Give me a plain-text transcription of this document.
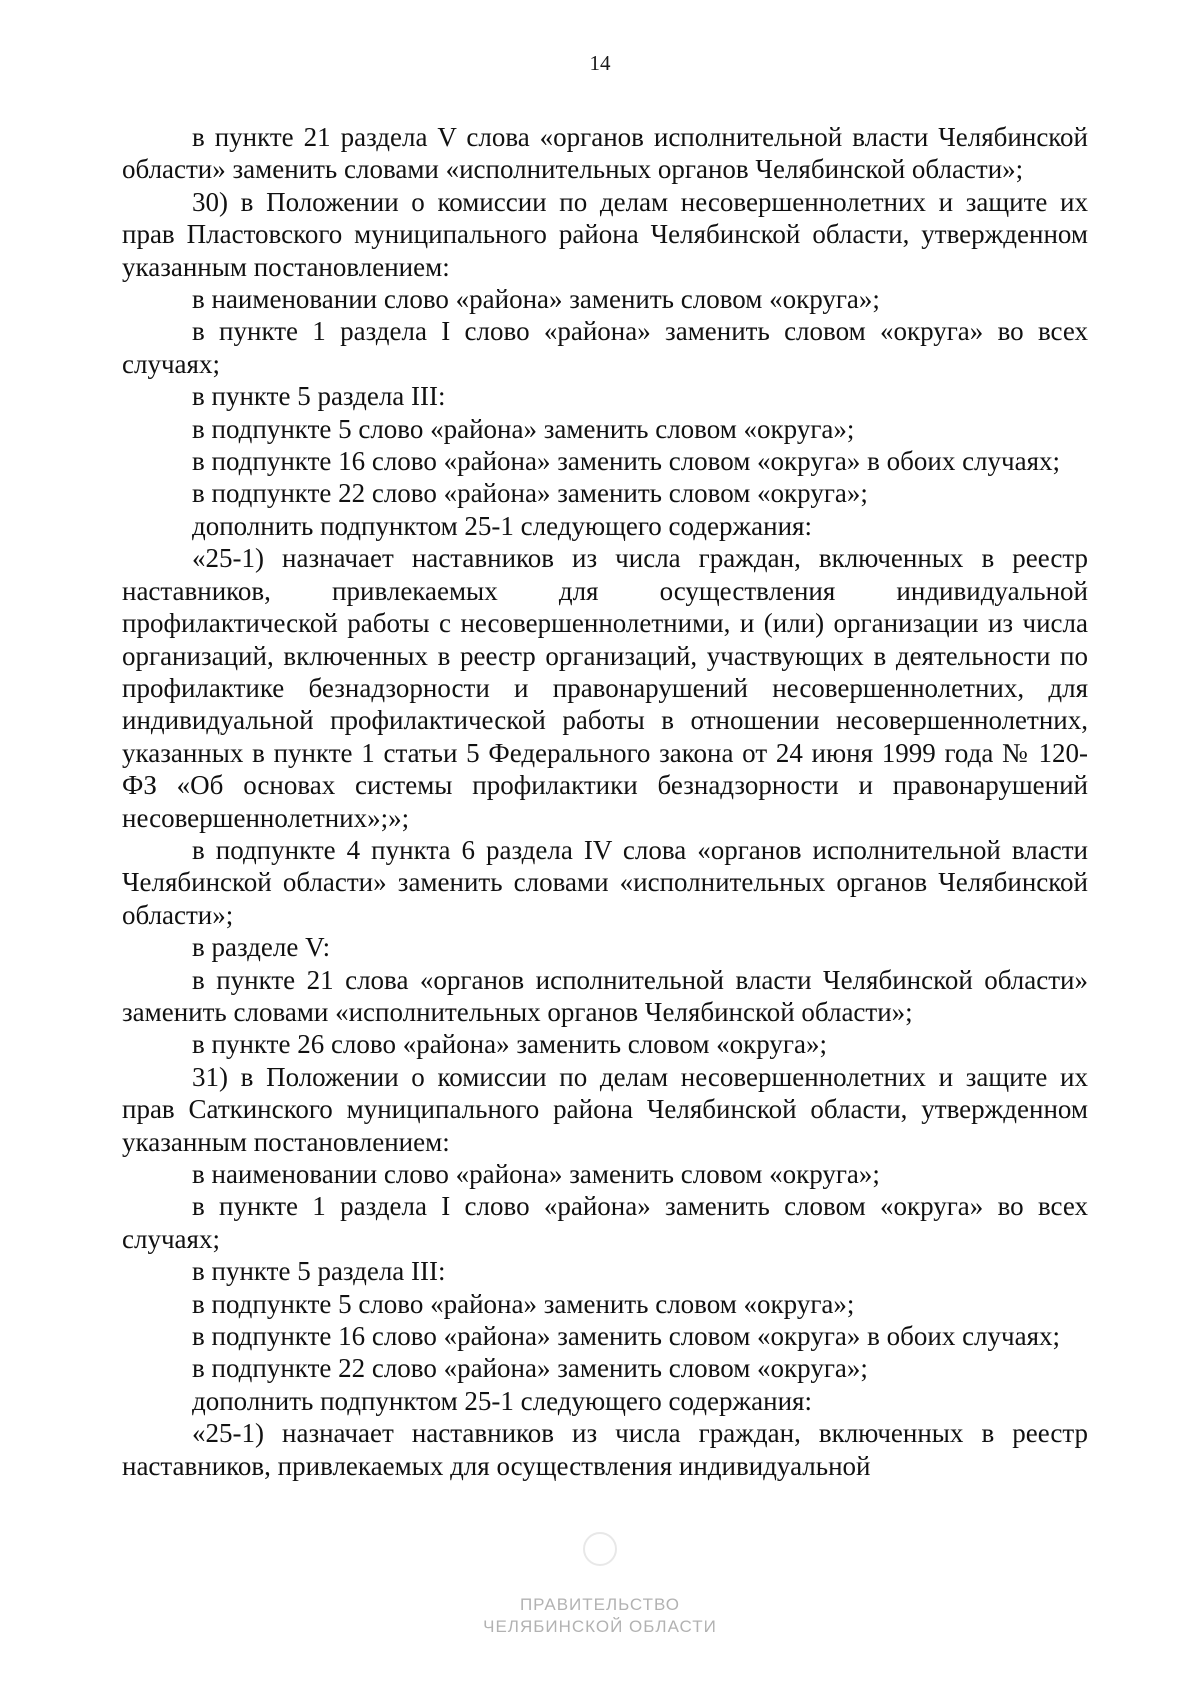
14

в пункте 21 раздела V слова «органов исполнительной власти Челябинской области» заменить словами «исполнительных органов Челябинской области»;

30) в Положении о комиссии по делам несовершеннолетних и защите их прав Пластовского муниципального района Челябинской области, утвержденном указанным постановлением:

в наименовании слово «района» заменить словом «округа»;

в пункте 1 раздела I слово «района» заменить словом «округа» во всех случаях;

в пункте 5 раздела III:

в подпункте 5 слово «района» заменить словом «округа»;

в подпункте 16 слово «района» заменить словом «округа» в обоих случаях;

в подпункте 22 слово «района» заменить словом «округа»;

дополнить подпунктом 25-1 следующего содержания:

«25-1) назначает наставников из числа граждан, включенных в реестр наставников, привлекаемых для осуществления индивидуальной профилактической работы с несовершеннолетними, и (или) организации из числа организаций, включенных в реестр организаций, участвующих в деятельности по профилактике безнадзорности и правонарушений несовершеннолетних, для индивидуальной профилактической работы в отношении несовершеннолетних, указанных в пункте 1 статьи 5 Федерального закона от 24 июня 1999 года № 120-ФЗ «Об основах системы профилактики безнадзорности и правонарушений несовершеннолетних»;»;

в подпункте 4 пункта 6 раздела IV слова «органов исполнительной власти Челябинской области» заменить словами «исполнительных органов Челябинской области»;

в разделе V:

в пункте 21 слова «органов исполнительной власти Челябинской области» заменить словами «исполнительных органов Челябинской области»;

в пункте 26 слово «района» заменить словом «округа»;

31) в Положении о комиссии по делам несовершеннолетних и защите их прав Саткинского муниципального района Челябинской области, утвержденном указанным постановлением:

в наименовании слово «района» заменить словом «округа»;

в пункте 1 раздела I слово «района» заменить словом «округа» во всех случаях;

в пункте 5 раздела III:

в подпункте 5 слово «района» заменить словом «округа»;

в подпункте 16 слово «района» заменить словом «округа» в обоих случаях;

в подпункте 22 слово «района» заменить словом «округа»;

дополнить подпунктом 25-1 следующего содержания:

«25-1) назначает наставников из числа граждан, включенных в реестр наставников, привлекаемых для осуществления индивидуальной

ПРАВИТЕЛЬСТВО
ЧЕЛЯБИНСКОЙ ОБЛАСТИ
